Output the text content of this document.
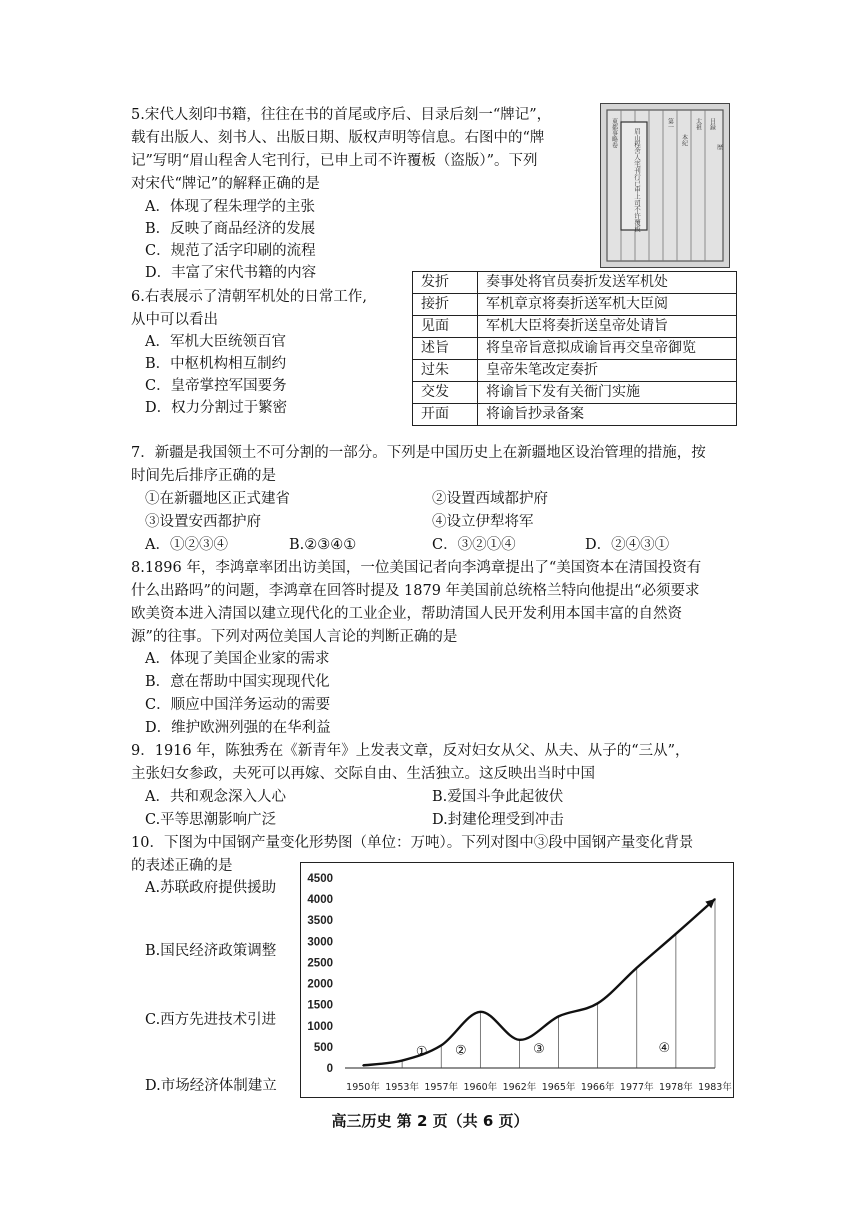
5.宋代人刻印书籍，往往在书的首尾或序后、目录后刻一“牌记”，
载有出版人、刻书人、出版日期、版权声明等信息。右图中的“牌
记”写明“眉山程舍人宅刊行，已申上司不许覆板（盗版）”。下列
对宋代“牌记”的解释正确的是
A．体现了程朱理学的主张
B．反映了商品经济的发展
C．规范了活字印刷的流程
D．丰富了宋代书籍的内容
眉山程舍人宅刊行已申上司不许覆板
東都事略卷	第一
本紀
太祖 目録
歴
6.右表展示了清朝军机处的日常工作,
从中可以看出
A．军机大臣统领百官
B．中枢机构相互制约
C．皇帝掌控军国要务
D．权力分割过于繁密
发折	奏事处将官员奏折发送军机处
接折	军机章京将奏折送军机大臣阅
见面	军机大臣将奏折送皇帝处请旨
述旨	将皇帝旨意拟成谕旨再交皇帝御览
过朱	皇帝朱笔改定奏折
交发	将谕旨下发有关衙门实施
开面	将谕旨抄录备案
7．新疆是我国领土不可分割的一部分。下列是中国历史上在新疆地区设治管理的措施，按
时间先后排序正确的是
①在新疆地区正式建省	②设置西域都护府
③设置安西都护府	④设立伊犁将军
A．①②③④	B.②③④①	C．③②①④	D．②④③①
8.1896 年，李鸿章率团出访美国，一位美国记者向李鸿章提出了“美国资本在清国投资有
什么出路吗”的问题，李鸿章在回答时提及 1879 年美国前总统格兰特向他提出“必须要求
欧美资本进入清国以建立现代化的工业企业，帮助清国人民开发利用本国丰富的自然资
源”的往事。下列对两位美国人言论的判断正确的是
A．体现了美国企业家的需求
B．意在帮助中国实现现代化
C．顺应中国洋务运动的需要
D．维护欧洲列强的在华利益
9．1916 年，陈独秀在《新青年》上发表文章，反对妇女从父、从夫、从子的“三从”，
主张妇女参政，夫死可以再嫁、交际自由、生活独立。这反映出当时中国
A．共和观念深入人心	B.爱国斗争此起彼伏
C.平等思潮影响广泛	D.封建伦理受到冲击
10．下图为中国钢产量变化形势图（单位：万吨）。下列对图中③段中国钢产量变化背景
的表述正确的是
A.苏联政府提供援助
B.国民经济政策调整
C.西方先进技术引进
D.市场经济体制建立
0
500
1000
1500
2000
2500
3000
3500
4000
4500
1950年 1953年 1957年 1960年 1962年 1965年 1966年 1977年 1978年 1983年
① ②	③	④
高三历史 第 2 页（共 6 页）
